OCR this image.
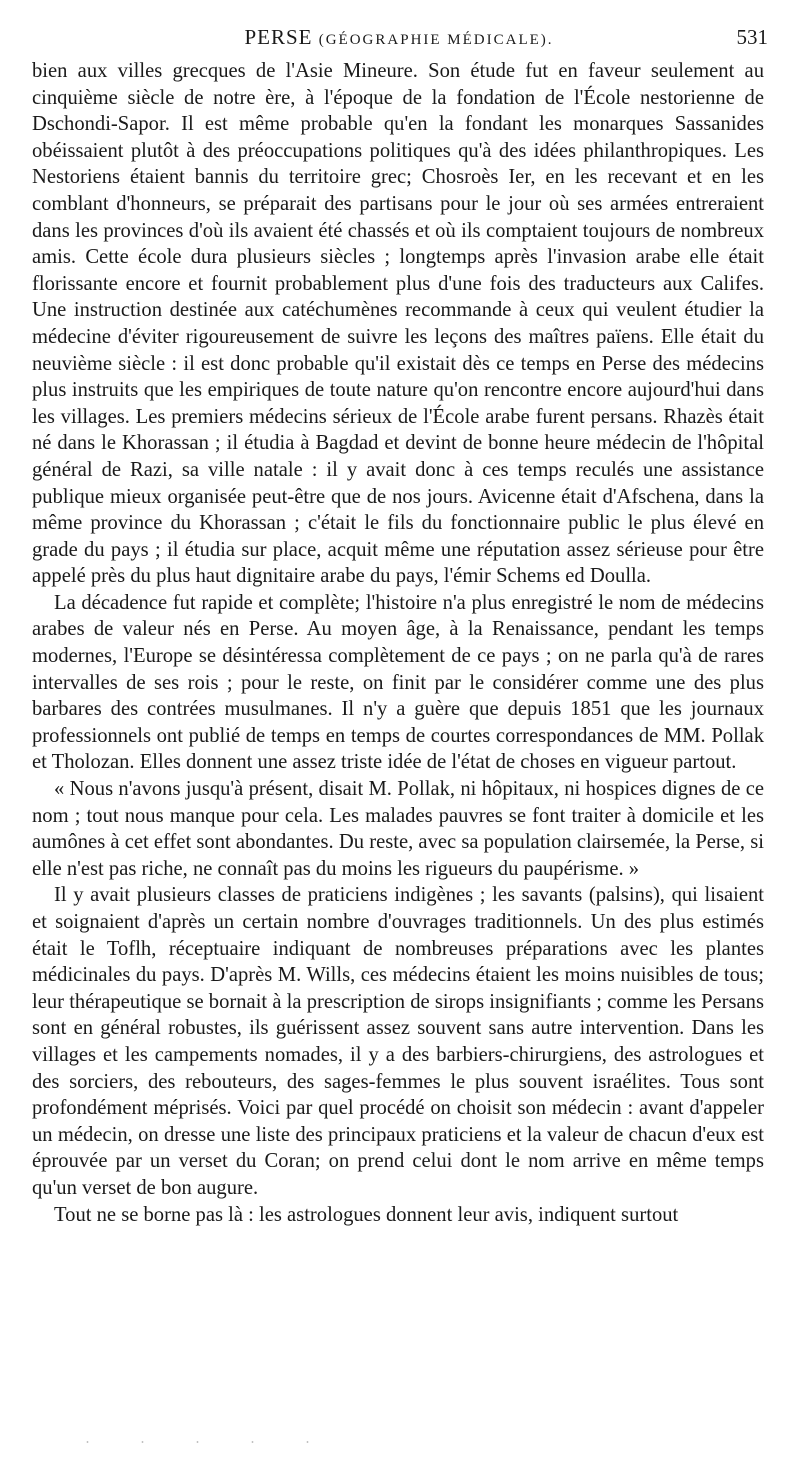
PERSE (GÉOGRAPHIE MÉDICALE).	531

bien aux villes grecques de l'Asie Mineure. Son étude fut en faveur seulement au cinquième siècle de notre ère, à l'époque de la fondation de l'École nestorienne de Dschondi-Sapor. Il est même probable qu'en la fondant les monarques Sassanides obéissaient plutôt à des préoccupations politiques qu'à des idées philanthropiques. Les Nestoriens étaient bannis du territoire grec; Chosroès Ier, en les recevant et en les comblant d'honneurs, se préparait des partisans pour le jour où ses armées entreraient dans les provinces d'où ils avaient été chassés et où ils comptaient toujours de nombreux amis. Cette école dura plusieurs siècles ; longtemps après l'invasion arabe elle était florissante encore et fournit probablement plus d'une fois des traducteurs aux Califes. Une instruction destinée aux catéchumènes recommande à ceux qui veulent étudier la médecine d'éviter rigoureusement de suivre les leçons des maîtres païens. Elle était du neuvième siècle : il est donc probable qu'il existait dès ce temps en Perse des médecins plus instruits que les empiriques de toute nature qu'on rencontre encore aujourd'hui dans les villages. Les premiers médecins sérieux de l'École arabe furent persans. Rhazès était né dans le Khorassan ; il étudia à Bagdad et devint de bonne heure médecin de l'hôpital général de Razi, sa ville natale : il y avait donc à ces temps reculés une assistance publique mieux organisée peut-être que de nos jours. Avicenne était d'Afschena, dans la même province du Khorassan ; c'était le fils du fonctionnaire public le plus élevé en grade du pays ; il étudia sur place, acquit même une réputation assez sérieuse pour être appelé près du plus haut dignitaire arabe du pays, l'émir Schems ed Doulla.

La décadence fut rapide et complète; l'histoire n'a plus enregistré le nom de médecins arabes de valeur nés en Perse. Au moyen âge, à la Renaissance, pendant les temps modernes, l'Europe se désintéressa complètement de ce pays ; on ne parla qu'à de rares intervalles de ses rois ; pour le reste, on finit par le considérer comme une des plus barbares des contrées musulmanes. Il n'y a guère que depuis 1851 que les journaux professionnels ont publié de temps en temps de courtes correspondances de MM. Pollak et Tholozan. Elles donnent une assez triste idée de l'état de choses en vigueur partout.

« Nous n'avons jusqu'à présent, disait M. Pollak, ni hôpitaux, ni hospices dignes de ce nom ; tout nous manque pour cela. Les malades pauvres se font traiter à domicile et les aumônes à cet effet sont abondantes. Du reste, avec sa population clairsemée, la Perse, si elle n'est pas riche, ne connaît pas du moins les rigueurs du paupérisme. »

Il y avait plusieurs classes de praticiens indigènes ; les savants (palsins), qui lisaient et soignaient d'après un certain nombre d'ouvrages traditionnels. Un des plus estimés était le Toflh, réceptuaire indiquant de nombreuses préparations avec les plantes médicinales du pays. D'après M. Wills, ces médecins étaient les moins nuisibles de tous; leur thérapeutique se bornait à la prescription de sirops insignifiants ; comme les Persans sont en général robustes, ils guérissent assez souvent sans autre intervention. Dans les villages et les campements nomades, il y a des barbiers-chirurgiens, des astrologues et des sorciers, des rebouteurs, des sages-femmes le plus souvent israélites. Tous sont profondément méprisés. Voici par quel procédé on choisit son médecin : avant d'appeler un médecin, on dresse une liste des principaux praticiens et la valeur de chacun d'eux est éprouvée par un verset du Coran; on prend celui dont le nom arrive en même temps qu'un verset de bon augure.

Tout ne se borne pas là : les astrologues donnent leur avis, indiquent surtout
